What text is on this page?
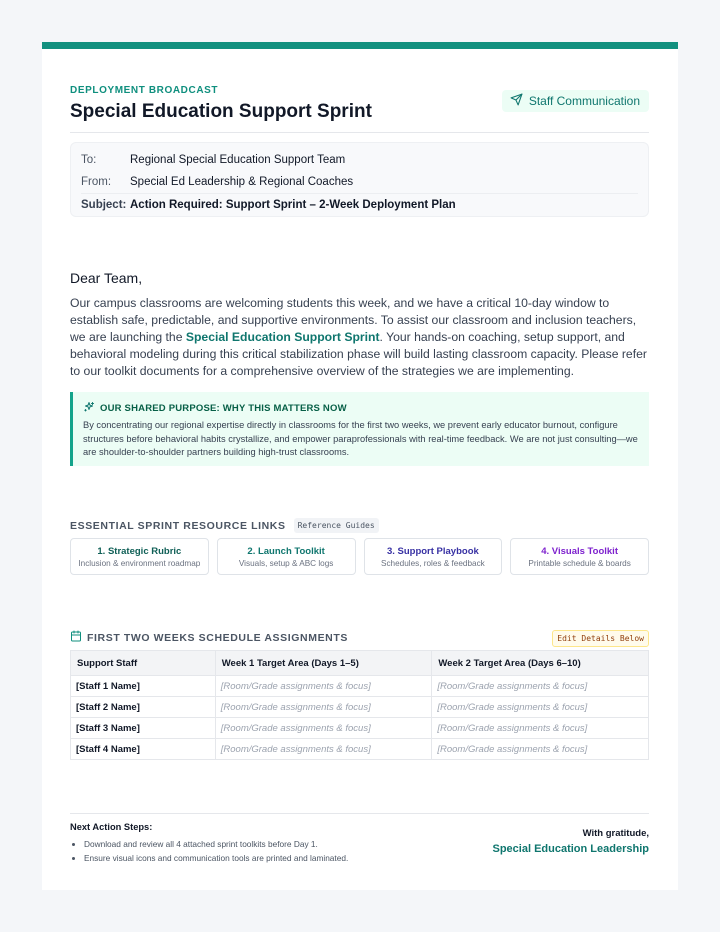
DEPLOYMENT BROADCAST
Special Education Support Sprint	Staff Communication
To:	Regional Special Education Support Team
From:	Special Ed Leadership & Regional Coaches
Subject: Action Required: Support Sprint – 2-Week Deployment Plan
Dear Team,

Our campus classrooms are welcoming students this week, and we have a critical 10-day window to establish safe, predictable, and supportive environments. To assist our classroom and inclusion teachers, we are launching the Special Education Support Sprint. Your hands-on coaching, setup support, and behavioral modeling during this critical stabilization phase will build lasting classroom capacity. Please refer to our toolkit documents for a comprehensive overview of the strategies we are implementing.

OUR SHARED PURPOSE: WHY THIS MATTERS NOW
By concentrating our regional expertise directly in classrooms for the first two weeks, we prevent early educator burnout, configure structures before behavioral habits crystallize, and empower paraprofessionals with real-time feedback. We are not just consulting—we are shoulder-to-shoulder partners building high-trust classrooms.
ESSENTIAL SPRINT RESOURCE LINKS	Reference Guides
1. Strategic Rubric
Inclusion & environment roadmap
2. Launch Toolkit
Visuals, setup & ABC logs
3. Support Playbook
Schedules, roles & feedback
4. Visuals Toolkit
Printable schedule & boards
FIRST TWO WEEKS SCHEDULE ASSIGNMENTS	Edit Details Below
Support Staff	Week 1 Target Area (Days 1–5)	Week 2 Target Area (Days 6–10)
[Staff 1 Name]	[Room/Grade assignments & focus]	[Room/Grade assignments & focus]
[Staff 2 Name]	[Room/Grade assignments & focus]	[Room/Grade assignments & focus]
[Staff 3 Name]	[Room/Grade assignments & focus]	[Room/Grade assignments & focus]
[Staff 4 Name]	[Room/Grade assignments & focus]	[Room/Grade assignments & focus]
Next Action Steps:
• Download and review all 4 attached sprint toolkits before Day 1.
• Ensure visual icons and communication tools are printed and laminated.
With gratitude,
Special Education Leadership
